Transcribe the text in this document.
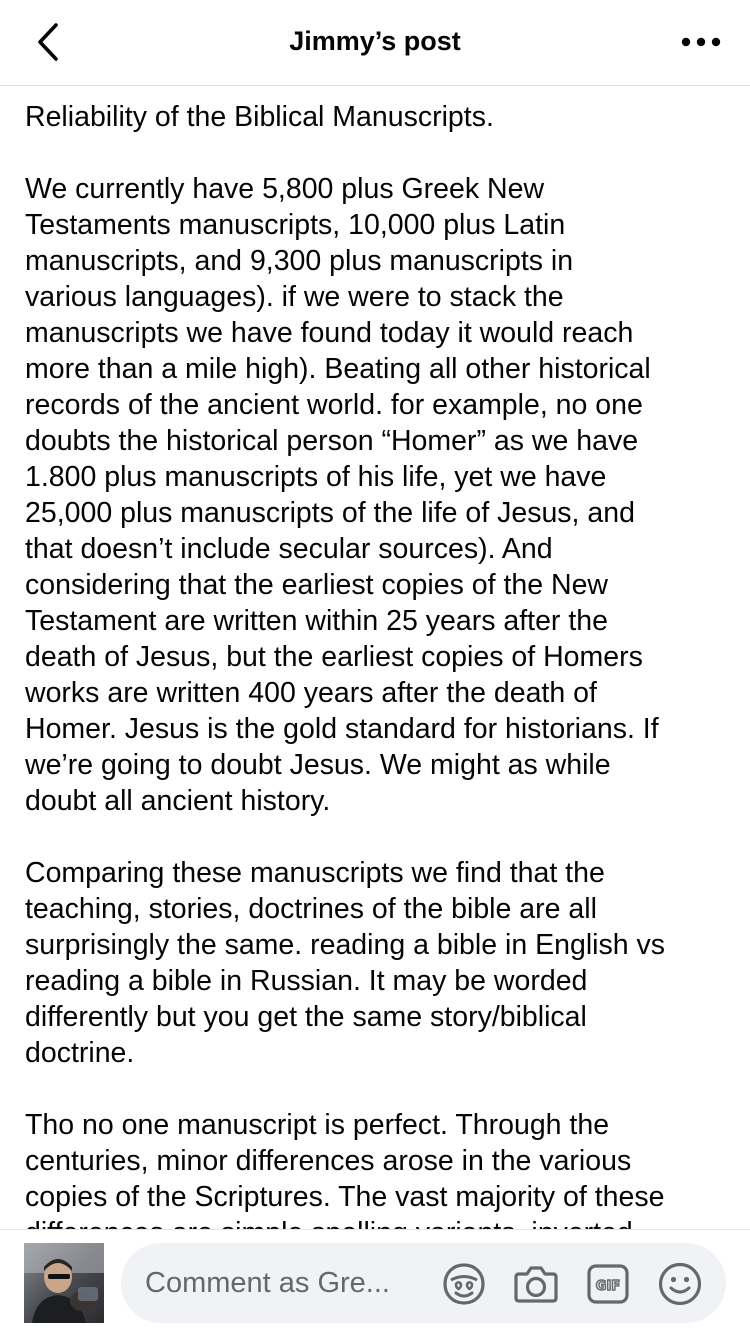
Jimmy’s post

Reliability of the Biblical Manuscripts.

We currently have 5,800 plus Greek New
Testaments manuscripts, 10,000 plus Latin
manuscripts, and 9,300 plus manuscripts in
various languages). if we were to stack the
manuscripts we have found today it would reach
more than a mile high). Beating all other historical
records of the ancient world. for example, no one
doubts the historical person “Homer” as we have
1.800 plus manuscripts of his life, yet we have
25,000 plus manuscripts of the life of Jesus, and
that doesn’t include secular sources). And
considering that the earliest copies of the New
Testament are written within 25 years after the
death of Jesus, but the earliest copies of Homers
works are written 400 years after the death of
Homer. Jesus is the gold standard for historians. If
we’re going to doubt Jesus. We might as while
doubt all ancient history.

Comparing these manuscripts we find that the
teaching, stories, doctrines of the bible are all
surprisingly the same. reading a bible in English vs
reading a bible in Russian. It may be worded
differently but you get the same story/biblical
doctrine.

Tho no one manuscript is perfect. Through the
centuries, minor differences arose in the various
copies of the Scriptures. The vast majority of these

Comment as Gre...	GIF
